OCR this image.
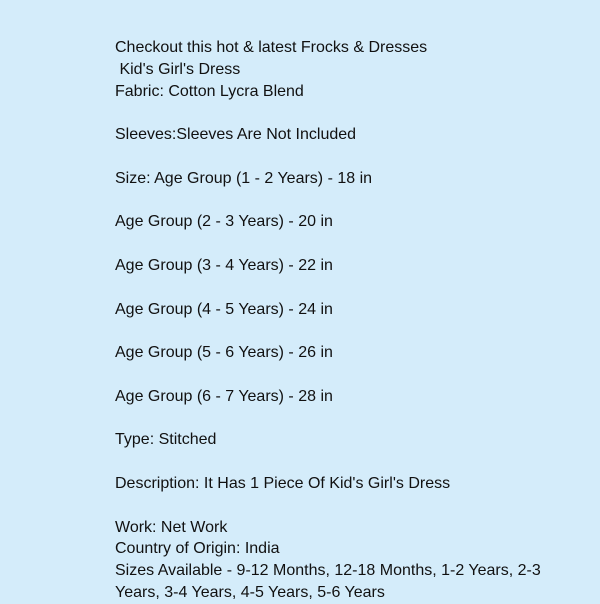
Checkout this hot & latest Frocks & Dresses
Kid's Girl's Dress
Fabric: Cotton Lycra Blend
Sleeves:Sleeves Are Not Included
Size: Age Group (1 - 2 Years) - 18 in
Age Group (2 - 3 Years) - 20 in
Age Group (3 - 4 Years) - 22 in
Age Group (4 - 5 Years) - 24 in
Age Group (5 - 6 Years) - 26 in
Age Group (6 - 7 Years) - 28 in
Type: Stitched
Description: It Has 1 Piece Of Kid's Girl's Dress
Work: Net Work
Country of Origin: India
Sizes Available - 9-12 Months, 12-18 Months, 1-2 Years, 2-3 Years, 3-4 Years, 4-5 Years, 5-6 Years
